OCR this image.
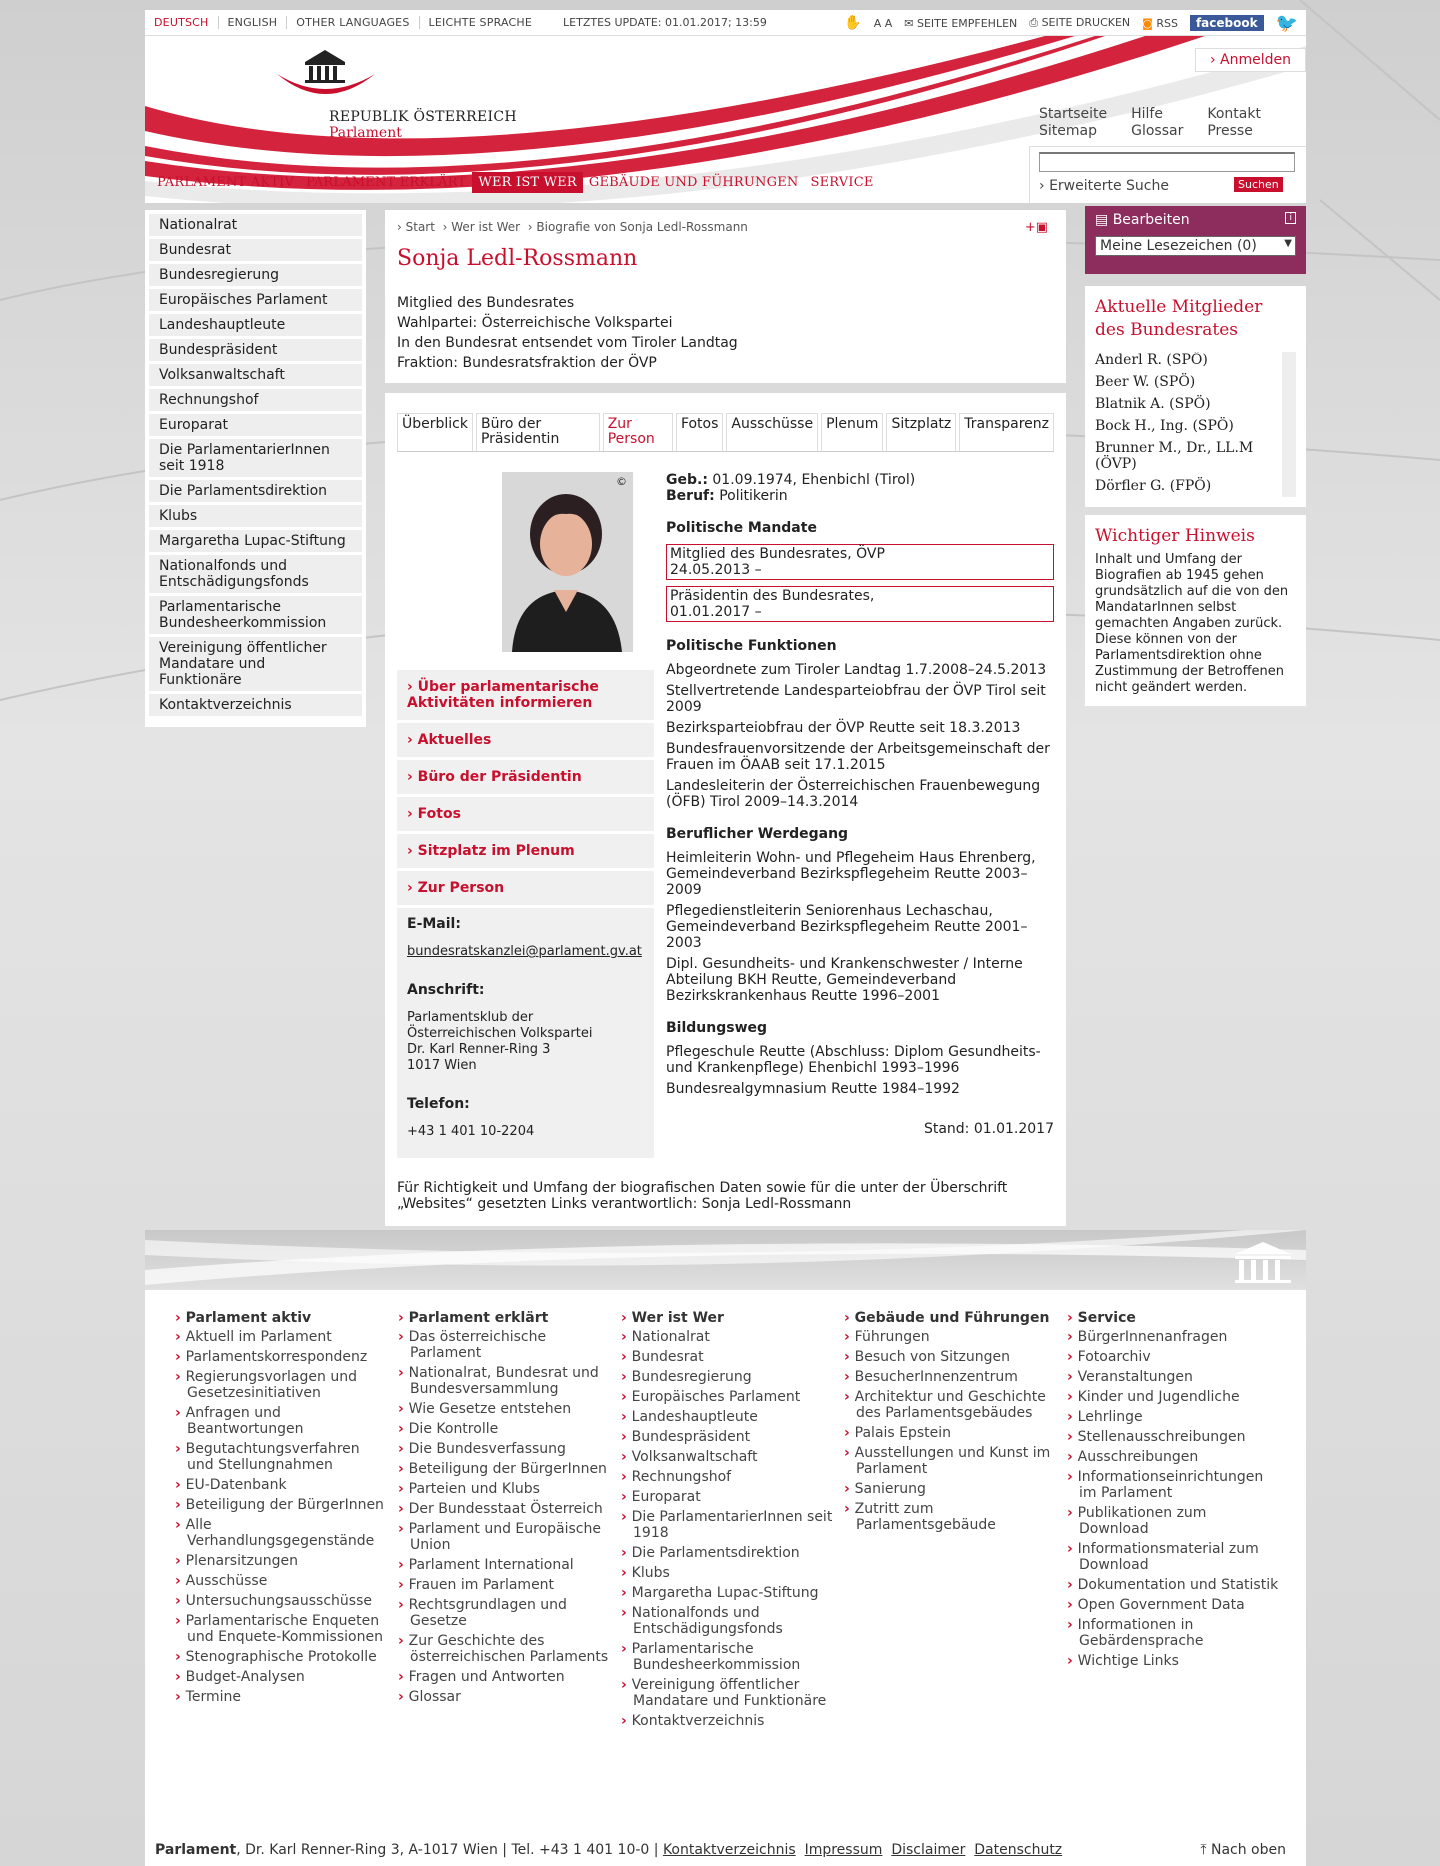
DEUTSCH	ENGLISH	OTHER LANGUAGES	LEICHTE SPRACHE	LETZTES UPDATE: 01.01.2017; 13:59	✋ A A ✉ SEITE EMPFEHLEN ⎙ SEITE DRUCKEN ◙ RSS	facebook	🐦
REPUBLIK ÖSTERREICH
Parlament
› Anmelden
Startseite
Sitemap
Hilfe
Glossar
Kontakt
Presse
› Erweiterte Suche	Suchen
PARLAMENT AKTIV PARLAMENT ERKLÄRT WER IST WER GEBÄUDE UND FÜHRUNGEN SERVICE
Nationalrat
Bundesrat
Bundesregierung
Europäisches Parlament
Landeshauptleute
Bundespräsident
Volksanwaltschaft
Rechnungshof
Europarat
Die ParlamentarierInnen seit 1918
Die Parlamentsdirektion
Klubs
Margaretha Lupac-Stiftung
Nationalfonds und Entschädigungsfonds
Parlamentarische Bundesheerkommission
Vereinigung öffentlicher Mandatare und Funktionäre
Kontaktverzeichnis
› Start  › Wer ist Wer  › Biografie von Sonja Ledl-Rossmann	+▣
Sonja Ledl-Rossmann
Mitglied des Bundesrates
Wahlpartei: Österreichische Volkspartei
In den Bundesrat entsendet vom Tiroler Landtag
Fraktion: Bundesratsfraktion der ÖVP
Überblick Büro der Präsidentin
Zur Person
Fotos Ausschüsse Plenum Sitzplatz Transparenz
©
› Über parlamentarische Aktivitäten informieren
› Aktuelles
› Büro der Präsidentin
› Fotos
› Sitzplatz im Plenum
› Zur Person
E-Mail:
bundesratskanzlei@parlament.gv.at
Anschrift:
Parlamentsklub der
Österreichischen Volkspartei
Dr. Karl Renner-Ring 3
1017 Wien
Telefon:
+43 1 401 10-2204
Geb.: 01.09.1974, Ehenbichl (Tirol)
Beruf: Politikerin
Politische Mandate
Mitglied des Bundesrates, ÖVP
24.05.2013 –
Präsidentin des Bundesrates,
01.01.2017 –
Politische Funktionen
Abgeordnete zum Tiroler Landtag 1.7.2008–24.5.2013
Stellvertretende Landesparteiobfrau der ÖVP Tirol seit 2009
Bezirksparteiobfrau der ÖVP Reutte seit 18.3.2013
Bundesfrauenvorsitzende der Arbeitsgemeinschaft der Frauen im ÖAAB seit 17.1.2015
Landesleiterin der Österreichischen Frauenbewegung (ÖFB) Tirol 2009–14.3.2014
Beruflicher Werdegang
Heimleiterin Wohn- und Pflegeheim Haus Ehrenberg, Gemeindeverband Bezirkspflegeheim Reutte 2003–2009
Pflegedienstleiterin Seniorenhaus Lechaschau, Gemeindeverband Bezirkspflegeheim Reutte 2001–2003
Dipl. Gesundheits- und Krankenschwester / Interne Abteilung BKH Reutte, Gemeindeverband Bezirkskrankenhaus Reutte 1996–2001
Bildungsweg
Pflegeschule Reutte (Abschluss: Diplom Gesundheits- und Krankenpflege) Ehenbichl 1993–1996
Bundesrealgymnasium Reutte 1984–1992
Stand: 01.01.2017
Für Richtigkeit und Umfang der biografischen Daten sowie für die unter der Überschrift „Websites“ gesetzten Links verantwortlich: Sonja Ledl-Rossmann
▤ Bearbeiten	i
Meine Lesezeichen (0)	▼
Aktuelle Mitglieder des Bundesrates
Anderl R. (SPÖ)
Beer W. (SPÖ)
Blatnik A. (SPÖ)
Bock H., Ing. (SPÖ)
Brunner M., Dr., LL.M (ÖVP)
Dörfler G. (FPÖ)
Wichtiger Hinweis
Inhalt und Umfang der Biografien ab 1945 gehen grundsätzlich auf die von den MandatarInnen selbst gemachten Angaben zurück. Diese können von der Parlamentsdirektion ohne Zustimmung der Betroffenen nicht geändert werden.
› Parlament aktiv
› Aktuell im Parlament
› Parlamentskorrespondenz
› Regierungsvorlagen und Gesetzesinitiativen
› Anfragen und Beantwortungen
› Begutachtungsverfahren und Stellungnahmen
› EU-Datenbank
› Beteiligung der BürgerInnen
› Alle Verhandlungsgegenstände
› Plenarsitzungen
› Ausschüsse
› Untersuchungsausschüsse
› Parlamentarische Enqueten und Enquete-Kommissionen
› Stenographische Protokolle
› Budget-Analysen
› Termine
› Parlament erklärt
› Das österreichische Parlament
› Nationalrat, Bundesrat und Bundesversammlung
› Wie Gesetze entstehen
› Die Kontrolle
› Die Bundesverfassung
› Beteiligung der BürgerInnen
› Parteien und Klubs
› Der Bundesstaat Österreich
› Parlament und Europäische Union
› Parlament International
› Frauen im Parlament
› Rechtsgrundlagen und Gesetze
› Zur Geschichte des österreichischen Parlaments
› Fragen und Antworten
› Glossar
› Wer ist Wer
› Nationalrat
› Bundesrat
› Bundesregierung
› Europäisches Parlament
› Landeshauptleute
› Bundespräsident
› Volksanwaltschaft
› Rechnungshof
› Europarat
› Die ParlamentarierInnen seit 1918
› Die Parlamentsdirektion
› Klubs
› Margaretha Lupac-Stiftung
› Nationalfonds und Entschädigungsfonds
› Parlamentarische Bundesheerkommission
› Vereinigung öffentlicher Mandatare und Funktionäre
› Kontaktverzeichnis
› Gebäude und Führungen
› Führungen
› Besuch von Sitzungen
› BesucherInnenzentrum
› Architektur und Geschichte des Parlamentsgebäudes
› Palais Epstein
› Ausstellungen und Kunst im Parlament
› Sanierung
› Zutritt zum Parlamentsgebäude
› Service
› BürgerInnenanfragen
› Fotoarchiv
› Veranstaltungen
› Kinder und Jugendliche
› Lehrlinge
› Stellenausschreibungen
› Ausschreibungen
› Informationseinrichtungen im Parlament
› Publikationen zum Download
› Informationsmaterial zum Download
› Dokumentation und Statistik
› Open Government Data
› Informationen in Gebärdensprache
› Wichtige Links
Parlament, Dr. Karl Renner-Ring 3, A-1017 Wien | Tel. +43 1 401 10-0 | Kontaktverzeichnis Impressum Disclaimer Datenschutz	⤒ Nach oben
